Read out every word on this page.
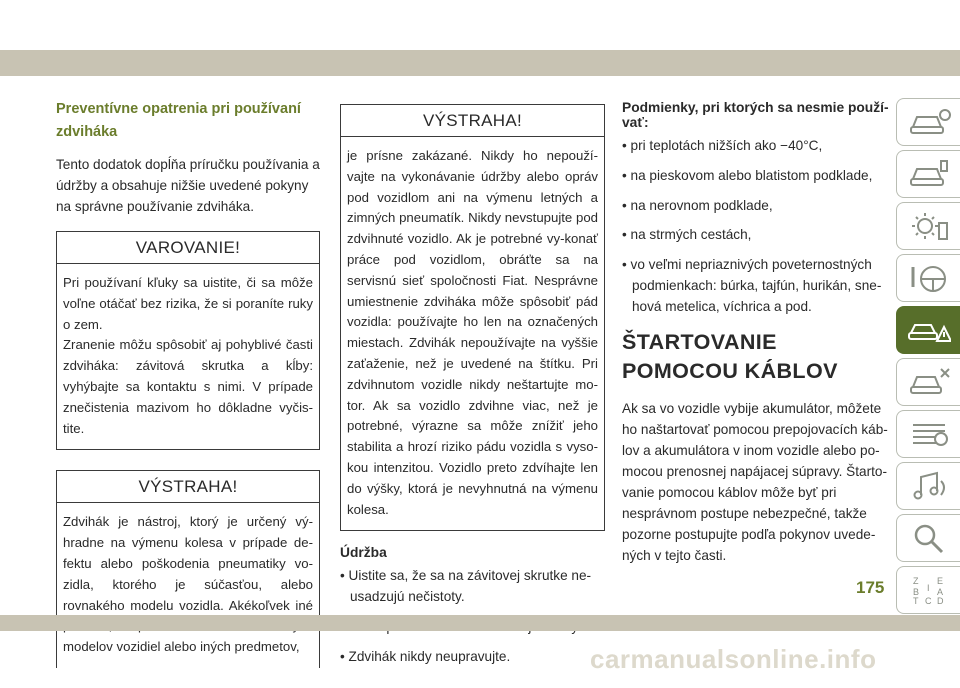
Preventívne opatrenia pri používaní zdviháka

Tento dodatok dopĺňa príručku používania a údržby a obsahuje nižšie uvedené pokyny na správne používanie zdviháka.

VAROVANIE!

Pri používaní kľuky sa uistite, či sa môže voľne otáčať bez rizika, že si poraníte ruky o zem.

Zranenie môžu spôsobiť aj pohyblivé časti zdviháka: závitová skrutka a kĺby: vyhýbajte sa kontaktu s nimi. V prípade znečistenia mazivom ho dôkladne vyčis-tite.

VÝSTRAHA!

Zdvihák je nástroj, ktorý je určený vý-hradne na výmenu kolesa v prípade de-fektu alebo poškodenia pneumatiky vo-zidla, ktorého je súčasťou, alebo rovnakého modelu vozidla. Akékoľvek iné modelov vozidiel alebo iných predmetov,

VÝSTRAHA!

je prísne zakázané. Nikdy ho nepouží-vajte na vykonávanie údržby alebo opráv pod vozidlom ani na výmenu letných a zimných pneumatík. Nikdy nevstupujte pod zdvihnuté vozidlo. Ak je potrebné vy-konať práce pod vozidlom, obráťte sa na servisnú sieť spoločnosti Fiat. Nesprávne umiestnenie zdviháka môže spôsobiť pád vozidla: používajte ho len na označených miestach. Zdvihák nepoužívajte na vyššie zaťaženie, než je uvedené na štítku. Pri zdvihnutom vozidle nikdy neštartujte mo-tor. Ak sa vozidlo zdvihne viac, než je potrebné, výrazne sa môže znížiť jeho stabilita a hrozí riziko pádu vozidla s vyso-kou intenzitou. Vozidlo preto zdvíhajte len do výšky, ktorá je nevyhnutná na výmenu kolesa.

Údržba
• Uistite sa, že sa na závitovej skrutke ne-usadzujú nečistoty.
• Zdvihák nikdy neupravujte.
Podmienky, pri ktorých sa nesmie použí-vať:
• pri teplotách nižších ako −40°C,
• na pieskovom alebo blatistom podklade,
• na nerovnom podklade,
• na strmých cestách,
• vo veľmi nepriaznivých poveternostných podmienkach: búrka, tajfún, hurikán, sne-hová metelica, víchrica a pod.
ŠTARTOVANIE POMOCOU KÁBLOV

Ak sa vo vozidle vybije akumulátor, môžete ho naštartovať pomocou prepojovacích káb-lov a akumulátora v inom vozidle alebo po-mocou prenosnej napájacej súpravy. Štarto-vanie pomocou káblov môže byť pri nesprávnom postupe nebezpečné, takže pozorne postupujte podľa pokynov uvede-ných v tejto časti.

Z
B
E
A
C D
T
I
175
carmanualsonline.info
